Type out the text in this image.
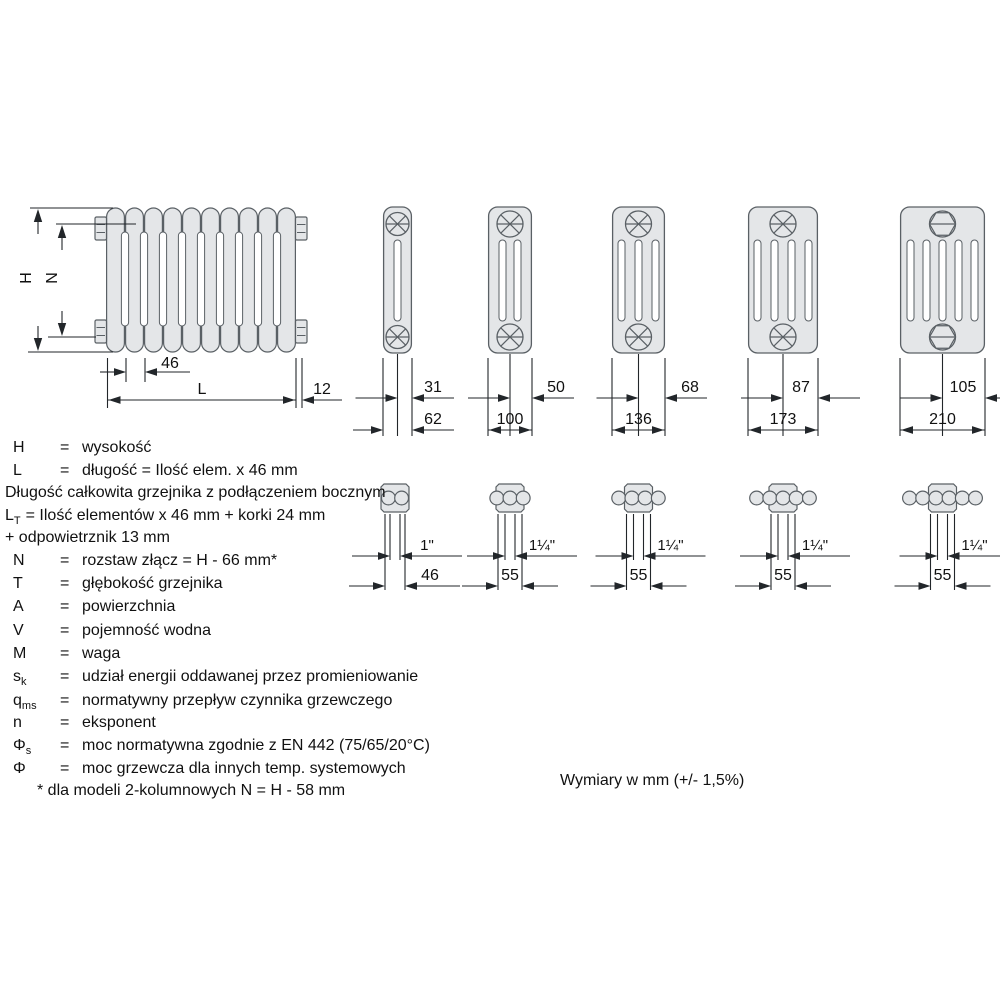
H N
46
L	12	31
62
50
100
68
136
87
173
105
210
1"
46
1¼"
55
1¼"
55
1¼"
55
1¼"
55
H = wysokość
L = długość = Ilość elem. x 46 mm
Długość całkowita grzejnika z podłączeniem bocznym
$L_T$ = Ilość elementów x 46 mm + korki 24 mm
+ odpowietrznik 13 mm
N = rozstaw złącz = H - 66 mm*
T = głębokość grzejnika
A = powierzchnia
V = pojemność wodna
M = waga
$s_k$ = udział energii oddawanej przez promieniowanie
$q_{ms}$ = normatywny przepływ czynnika grzewczego
n = eksponent
$\Phi_s$ = moc normatywna zgodnie z EN 442 (75/65/20°C)
Φ = moc grzewcza dla innych temp. systemowych
* dla modeli 2-kolumnowych N = H - 58 mm
Wymiary w mm (+/- 1,5%)
